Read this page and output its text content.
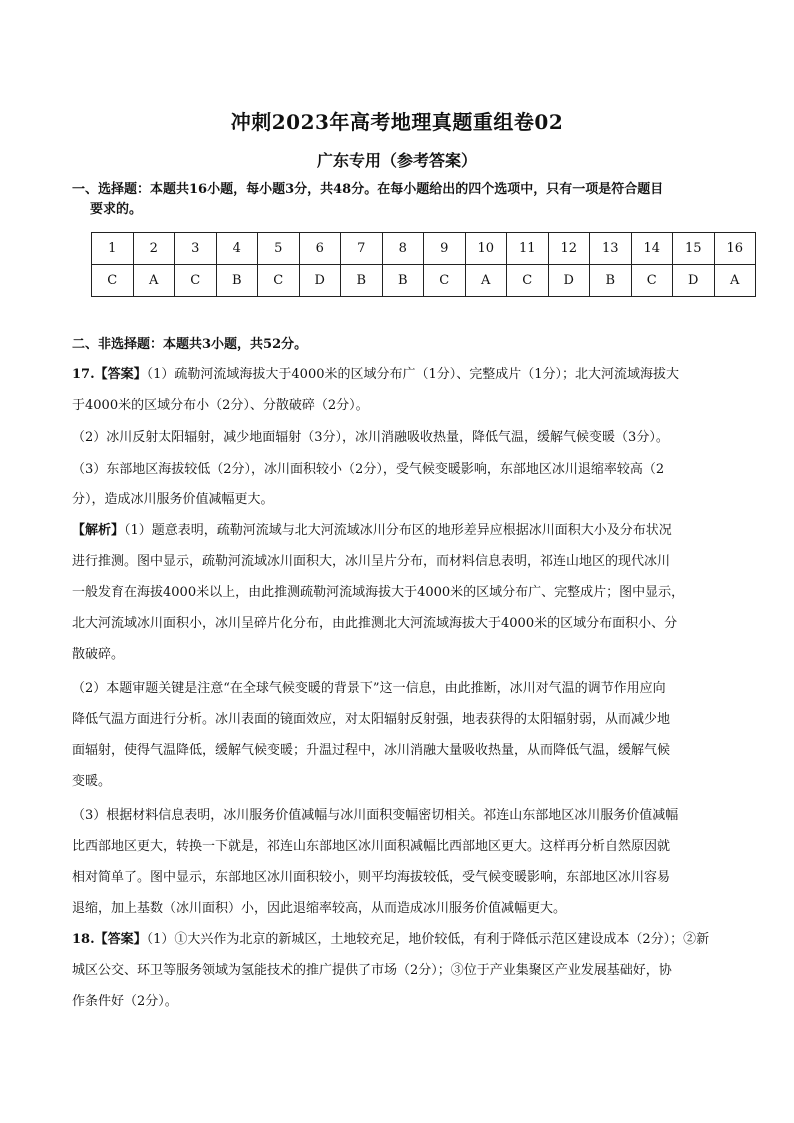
冲刺2023年高考地理真题重组卷02
广东专用（参考答案）
一、选择题：本题共16小题，每小题3分，共48分。在每小题给出的四个选项中，只有一项是符合题目
要求的。
1	2	3	4	5	6	7	8	9	10	11	12	13	14	15	16
C	A	C	B	C	D	B	B	C	A	C	D	B	C	D	A
二、非选择题：本题共3小题，共52分。
17.【答案】（1）疏勒河流域海拔大于4000米的区域分布广（1分）、完整成片（1分）；北大河流域海拔大
于4000米的区域分布小（2分）、分散破碎（2分）。
（2）冰川反射太阳辐射，减少地面辐射（3分），冰川消融吸收热量，降低气温，缓解气候变暖（3分）。
（3）东部地区海拔较低（2分），冰川面积较小（2分），受气候变暖影响，东部地区冰川退缩率较高（2
分），造成冰川服务价值减幅更大。
【解析】（1）题意表明，疏勒河流域与北大河流域冰川分布区的地形差异应根据冰川面积大小及分布状况
进行推测。图中显示，疏勒河流域冰川面积大，冰川呈片分布，而材料信息表明，祁连山地区的现代冰川
一般发育在海拔4000米以上，由此推测疏勒河流域海拔大于4000米的区域分布广、完整成片；图中显示，
北大河流域冰川面积小，冰川呈碎片化分布，由此推测北大河流域海拔大于4000米的区域分布面积小、分
散破碎。
（2）本题审题关键是注意“在全球气候变暖的背景下”这一信息，由此推断，冰川对气温的调节作用应向
降低气温方面进行分析。冰川表面的镜面效应，对太阳辐射反射强，地表获得的太阳辐射弱，从而减少地
面辐射，使得气温降低，缓解气候变暖；升温过程中，冰川消融大量吸收热量，从而降低气温，缓解气候
变暖。
（3）根据材料信息表明，冰川服务价值减幅与冰川面积变幅密切相关。祁连山东部地区冰川服务价值减幅
比西部地区更大，转换一下就是，祁连山东部地区冰川面积减幅比西部地区更大。这样再分析自然原因就
相对简单了。图中显示，东部地区冰川面积较小，则平均海拔较低，受气候变暖影响，东部地区冰川容易
退缩，加上基数（冰川面积）小，因此退缩率较高，从而造成冰川服务价值减幅更大。
18.【答案】（1）①大兴作为北京的新城区，土地较充足，地价较低，有利于降低示范区建设成本（2分）；②新
城区公交、环卫等服务领域为氢能技术的推广提供了市场（2分）；③位于产业集聚区产业发展基础好，协
作条件好（2分）。
